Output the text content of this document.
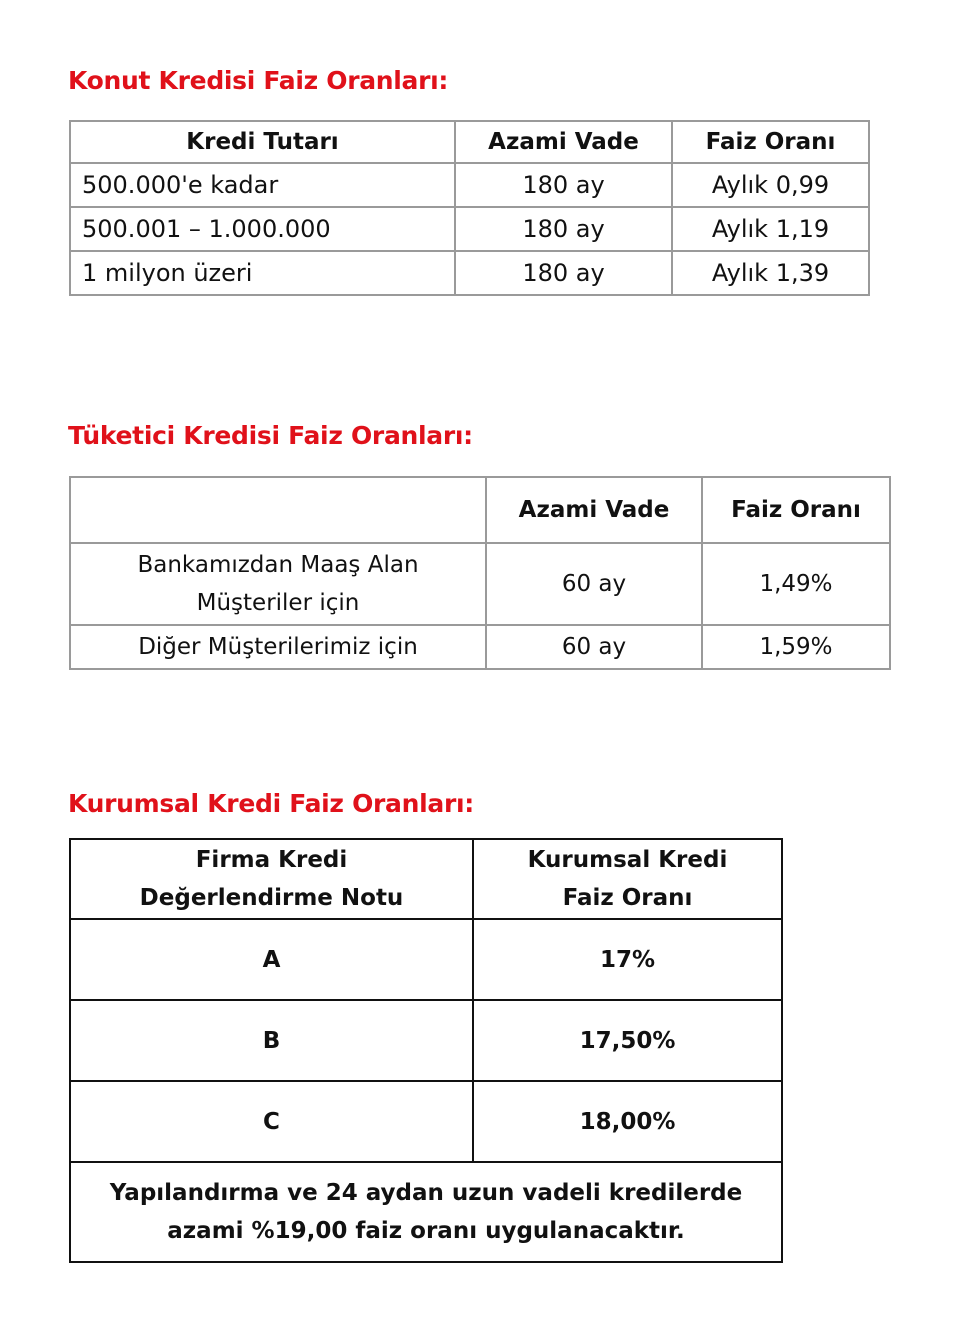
Konut Kredisi Faiz Oranları:
Kredi Tutarı	Azami Vade	Faiz Oranı
500.000'e kadar	180 ay	Aylık 0,99
500.001 – 1.000.000	180 ay	Aylık 1,19
1 milyon üzeri	180 ay	Aylık 1,39
Tüketici Kredisi Faiz Oranları:
	Azami Vade	Faiz Oranı
Bankamızdan Maaş Alan Müşteriler için	60 ay	1,49%
Diğer Müşterilerimiz için	60 ay	1,59%
Kurumsal Kredi Faiz Oranları:
Firma Kredi Değerlendirme Notu	Kurumsal Kredi Faiz Oranı
A	17%
B	17,50%
C	18,00%
Yapılandırma ve 24 aydan uzun vadeli kredilerde azami %19,00 faiz oranı uygulanacaktır.	
